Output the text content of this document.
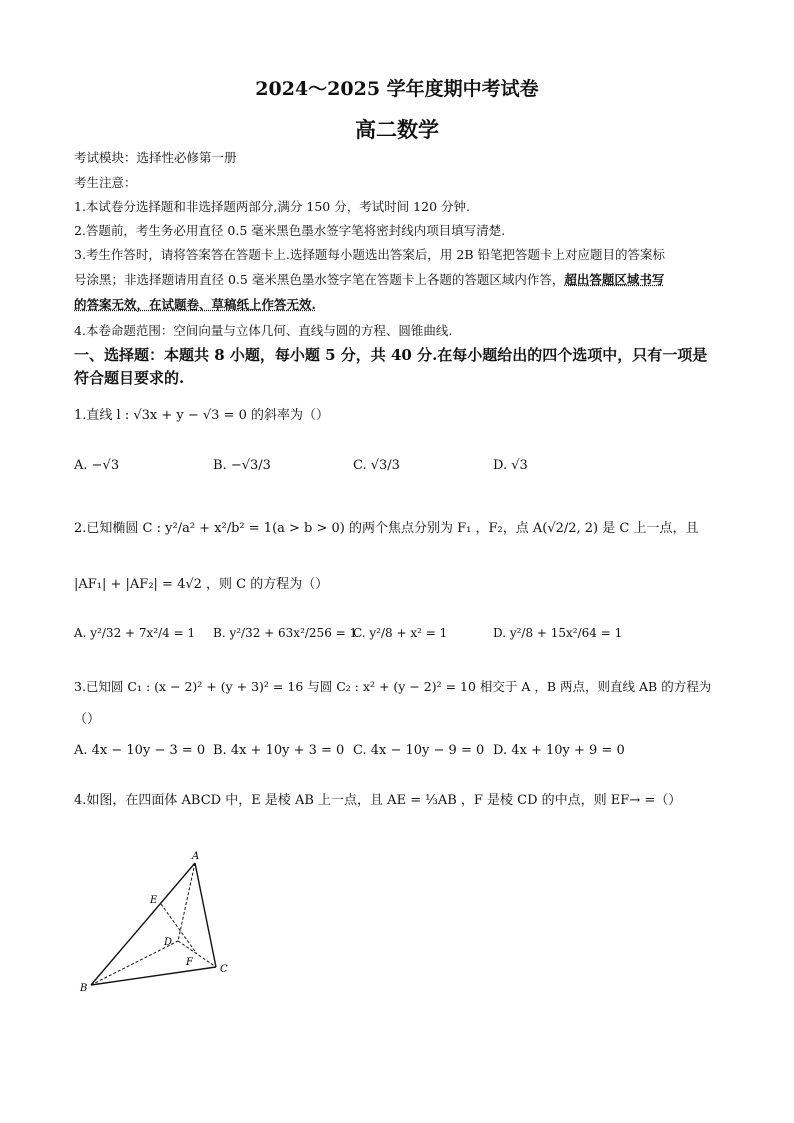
2024～2025 学年度期中考试卷
高二数学
考试模块：选择性必修第一册
考生注意：
1.本试卷分选择题和非选择题两部分,满分 150 分，考试时间 120 分钟.
2.答题前，考生务必用直径 0.5 毫米黑色墨水签字笔将密封线内项目填写清楚.
3.考生作答时，请将答案答在答题卡上.选择题每小题选出答案后，用 2B 铅笔把答题卡上对应题目的答案标
号涂黑；非选择题请用直径 0.5 毫米黑色墨水签字笔在答题卡上各题的答题区域内作答，超出答题区域书写
的答案无效，在试题卷、草稿纸上作答无效.
4.本卷命题范围：空间向量与立体几何、直线与圆的方程、圆锥曲线.
一、选择题：本题共 8 小题，每小题 5 分，共 40 分.在每小题给出的四个选项中，只有一项是
符合题目要求的.
1.直线 l : √3x + y − √3 = 0 的斜率为（）
A. −√3	B. −√3/3	C. √3/3	D. √3
2.已知椭圆 C : y²/a² + x²/b² = 1(a > b > 0) 的两个焦点分别为 F₁ ，F₂，点 A(√2/2, 2) 是 C 上一点，且
|AF₁| + |AF₂| = 4√2 ，则 C 的方程为（）
A. y²/32 + 7x²/4 = 1 B. y²/32 + 63x²/256 = 1
C. y²/8 + x² = 1	D. y²/8 + 15x²/64 = 1
3.已知圆 C₁ : (x − 2)² + (y + 3)² = 16 与圆 C₂ : x² + (y − 2)² = 10 相交于 A ，B 两点，则直线 AB 的方程为
（）
A. 4x − 10y − 3 = 0 B. 4x + 10y + 3 = 0 C. 4x − 10y − 9 = 0 D. 4x + 10y + 9 = 0
4.如图，在四面体 ABCD 中，E 是棱 AB 上一点，且 AE = ⅓AB ，F 是棱 CD 的中点，则 EF→ =（）
A
B
C
D
E
F
